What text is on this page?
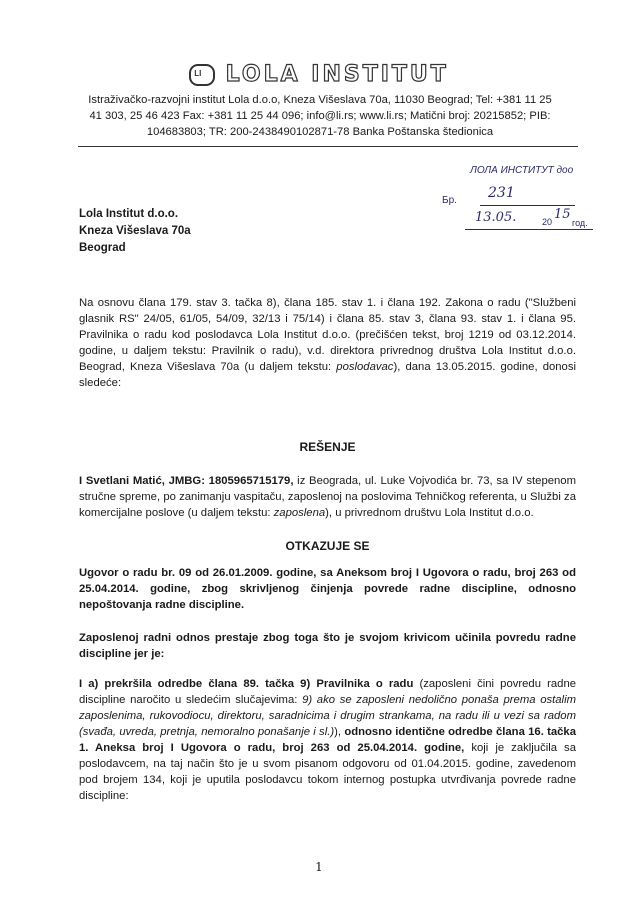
LI LOLA INSTITUT
Istraživačko-razvojni institut Lola d.o.o, Kneza Višeslava 70a, 11030 Beograd; Tel: +381 11 25
41 303, 25 46 423 Fax: +381 11 25 44 096; info@li.rs; www.li.rs; Matični broj: 20215852; PIB:
104683803; TR: 200-2438490102871-78 Banka Poštanska štedionica
ЛОЛА ИНСТИТУТ доо
Бр. 231
13.05.	20 15
год.
Lola Institut d.o.o.
Kneza Višeslava 70a
Beograd
Na osnovu člana 179. stav 3. tačka 8), člana 185. stav 1. i člana 192. Zakona o radu ("Službeni glasnik RS" 24/05, 61/05, 54/09, 32/13 i 75/14) i člana 85. stav 3, člana 93. stav 1. i člana 95. Pravilnika o radu kod poslodavca Lola Institut d.o.o. (prečišćen tekst, broj 1219 od 03.12.2014. godine, u daljem tekstu: Pravilnik o radu), v.d. direktora privrednog društva Lola Institut d.o.o. Beograd, Kneza Višeslava 70a (u daljem tekstu: poslodavac), dana 13.05.2015. godine, donosi sledeće:
REŠENJE
I Svetlani Matić, JMBG: 1805965715179, iz Beograda, ul. Luke Vojvodića br. 73, sa IV stepenom stručne spreme, po zanimanju vaspitaču, zaposlenoj na poslovima Tehničkog referenta, u Službi za komercijalne poslove (u daljem tekstu: zaposlena), u privrednom društvu Lola Institut d.o.o.
OTKAZUJE SE
Ugovor o radu br. 09 od 26.01.2009. godine, sa Aneksom broj I Ugovora o radu, broj 263 od 25.04.2014. godine, zbog skrivljenog činjenja povrede radne discipline, odnosno nepoštovanja radne discipline.
Zaposlenoj radni odnos prestaje zbog toga što je svojom krivicom učinila povredu radne discipline jer je:
I a) prekršila odredbe člana 89. tačka 9) Pravilnika o radu (zaposleni čini povredu radne discipline naročito u sledećim slučajevima: 9) ako se zaposleni nedolično ponaša prema ostalim zaposlenima, rukovodiocu, direktoru, saradnicima i drugim strankama, na radu ili u vezi sa radom (svađa, uvreda, pretnja, nemoralno ponašanje i sl.)), odnosno identične odredbe člana 16. tačka 1. Aneksa broj I Ugovora o radu, broj 263 od 25.04.2014. godine, koji je zaključila sa poslodavcem, na taj način što je u svom pisanom odgovoru od 01.04.2015. godine, zavedenom pod brojem 134, koji je uputila poslodavcu tokom internog postupka utvrđivanja povrede radne discipline:
1
